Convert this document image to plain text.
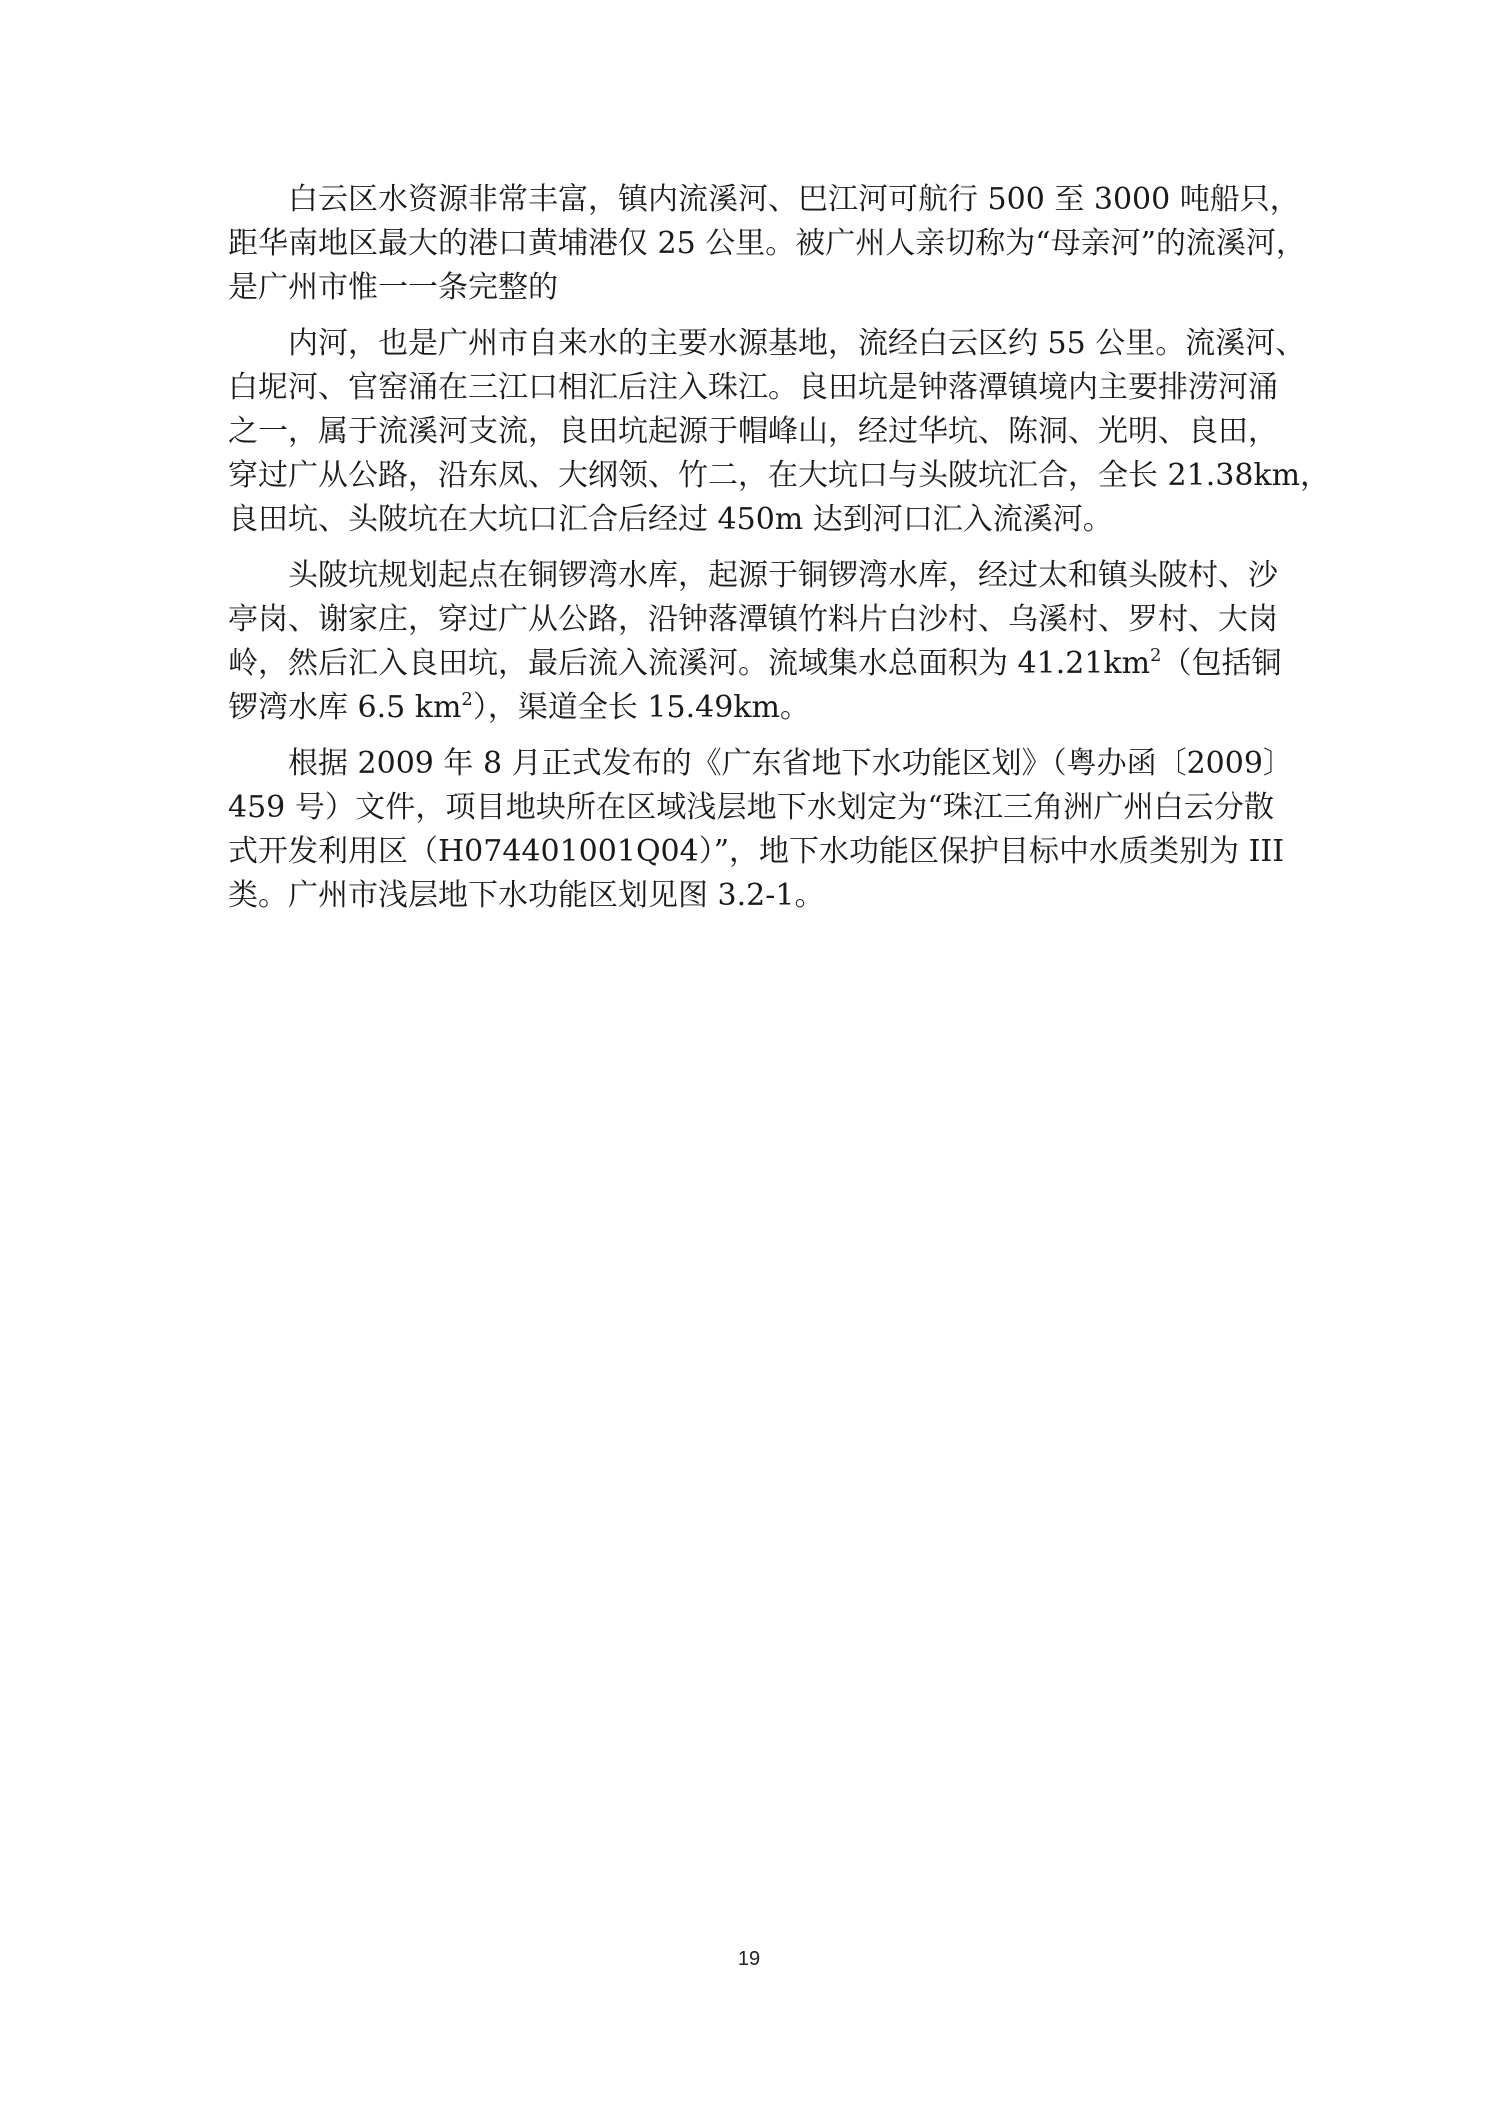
白云区水资源非常丰富，镇内流溪河、巴江河可航行 500 至 3000 吨船只，
距华南地区最大的港口黄埔港仅 25 公里。被广州人亲切称为“母亲河”的流溪河，
是广州市惟一一条完整的
内河，也是广州市自来水的主要水源基地，流经白云区约 55 公里。流溪河、
白坭河、官窑涌在三江口相汇后注入珠江。良田坑是钟落潭镇境内主要排涝河涌
之一，属于流溪河支流，良田坑起源于帽峰山，经过华坑、陈洞、光明、良田，
穿过广从公路，沿东凤、大纲领、竹二，在大坑口与头陂坑汇合，全长 21.38km，
良田坑、头陂坑在大坑口汇合后经过 450m 达到河口汇入流溪河。
头陂坑规划起点在铜锣湾水库，起源于铜锣湾水库，经过太和镇头陂村、沙
亭岗、谢家庄，穿过广从公路，沿钟落潭镇竹料片白沙村、乌溪村、罗村、大岗
岭，然后汇入良田坑，最后流入流溪河。流域集水总面积为 $41.21km^2$（包括铜
锣湾水库 6.5 $km^2$），渠道全长 15.49km。
根据 2009 年 8 月正式发布的《广东省地下水功能区划》（粤办函〔2009〕
459 号）文件，项目地块所在区域浅层地下水划定为“珠江三角洲广州白云分散
式开发利用区（H074401001Q04）”，地下水功能区保护目标中水质类别为 III
类。广州市浅层地下水功能区划见图 3.2-1。
19
